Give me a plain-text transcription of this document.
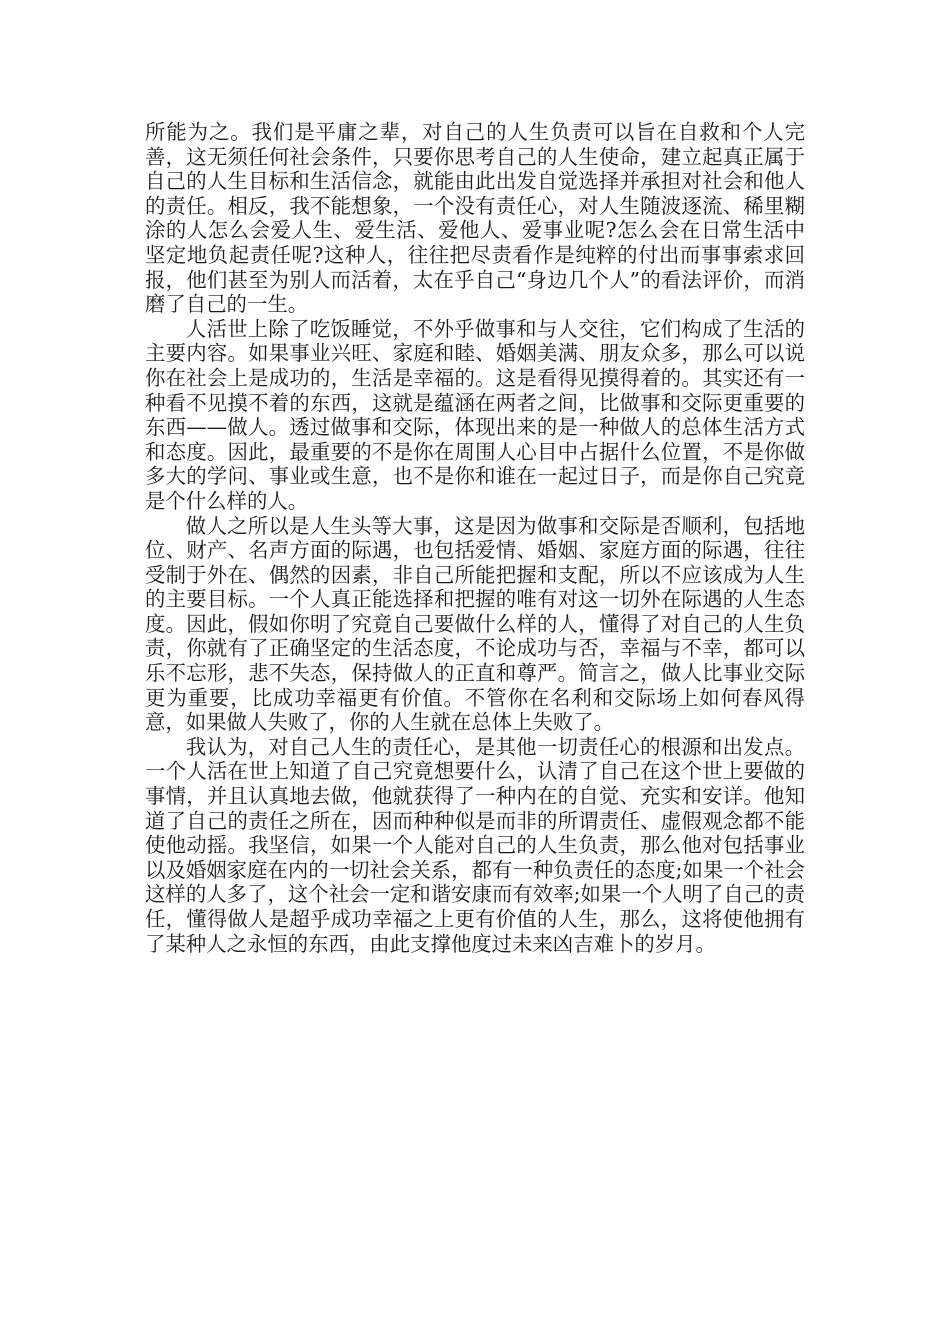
所能为之。我们是平庸之辈，对自己的人生负责可以旨在自救和个人完善，这无须任何社会条件，只要你思考自己的人生使命，建立起真正属于自己的人生目标和生活信念，就能由此出发自觉选择并承担对社会和他人的责任。相反，我不能想象，一个没有责任心，对人生随波逐流、稀里糊涂的人怎么会爱人生、爱生活、爱他人、爱事业呢?怎么会在日常生活中坚定地负起责任呢?这种人，往往把尽责看作是纯粹的付出而事事索求回报，他们甚至为别人而活着，太在乎自己“身边几个人”的看法评价，而消磨了自己的一生。

人活世上除了吃饭睡觉，不外乎做事和与人交往，它们构成了生活的主要内容。如果事业兴旺、家庭和睦、婚姻美满、朋友众多，那么可以说你在社会上是成功的，生活是幸福的。这是看得见摸得着的。其实还有一种看不见摸不着的东西，这就是蕴涵在两者之间，比做事和交际更重要的东西——做人。透过做事和交际，体现出来的是一种做人的总体生活方式和态度。因此，最重要的不是你在周围人心目中占据什么位置，不是你做多大的学问、事业或生意，也不是你和谁在一起过日子，而是你自己究竟是个什么样的人。

做人之所以是人生头等大事，这是因为做事和交际是否顺利，包括地位、财产、名声方面的际遇，也包括爱情、婚姻、家庭方面的际遇，往往受制于外在、偶然的因素，非自己所能把握和支配，所以不应该成为人生的主要目标。一个人真正能选择和把握的唯有对这一切外在际遇的人生态度。因此，假如你明了究竟自己要做什么样的人，懂得了对自己的人生负责，你就有了正确坚定的生活态度，不论成功与否，幸福与不幸，都可以乐不忘形，悲不失态，保持做人的正直和尊严。简言之，做人比事业交际更为重要，比成功幸福更有价值。不管你在名利和交际场上如何春风得意，如果做人失败了，你的人生就在总体上失败了。

我认为，对自己人生的责任心，是其他一切责任心的根源和出发点。一个人活在世上知道了自己究竟想要什么，认清了自己在这个世上要做的事情，并且认真地去做，他就获得了一种内在的自觉、充实和安详。他知道了自己的责任之所在，因而种种似是而非的所谓责任、虚假观念都不能使他动摇。我坚信，如果一个人能对自己的人生负责，那么他对包括事业以及婚姻家庭在内的一切社会关系，都有一种负责任的态度;如果一个社会这样的人多了，这个社会一定和谐安康而有效率;如果一个人明了自己的责任，懂得做人是超乎成功幸福之上更有价值的人生，那么，这将使他拥有了某种人之永恒的东西，由此支撑他度过未来凶吉难卜的岁月。
